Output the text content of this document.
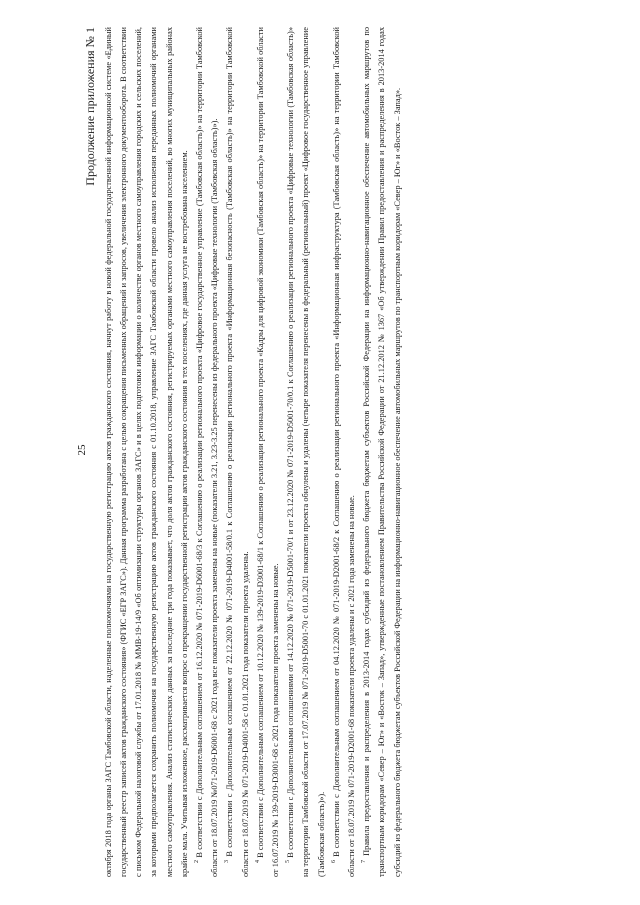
25
Продолжение приложения № 1 октября 2018 года органы ЗАГС Тамбовской области, наделенные полномочиями на государственную регистрацию актов гражданского состояния, начнут работу в новой федеральной государственной информационной системе «Единый государственный реестр записей актов гражданского состояния» (ФГИС «ЕГР ЗАГС»). Данная программа разработана с целью сокращения письменных обращений и запросов, увеличения электронного документооборота. В соответствии с письмом Федеральной налоговой службы от 17.01.2018 № ММВ-19-14/9 «Об оптимизации структуры органов ЗАГС» и в целях подготовки информации о количестве органов местного самоуправления городских и сельских поселений, за которыми предполагается сохранить полномочия на государственную регистрацию актов гражданского состояния с 01.10.2018, управление ЗАГС Тамбовской области провело анализ исполнения переданных полномочий органами местного самоуправления. Анализ статистических данных за последние три года показывает, что доля актов гражданского состояния, регистрируемых органами местного самоуправления поселений, во многих муниципальных районах крайне мала. Учитывая изложенное, рассматривается вопрос о прекращении государственной регистрации актов гражданского состояния в тех поселениях, где данная услуга не востребована населением. $^2$ В соответствии с Дополнительным соглашением от 16.12.2020 № 071-2019-D6001-68/3 к Соглашению о реализации регионального проекта «Цифровое государственное управление (Тамбовская область)» на территории Тамбовской области от 18.07.2019 №071-2019-D6001-68 с 2021 года все показатели проекта заменены на новые (показатели 3.21, 3.23-3.25 перенесены из федерального проекта «Цифровые технологии (Тамбовская область)»). $^3$ В соответствии с Дополнительным соглашением от 22.12.2020 № 071-2019-D4001-58/0.1 к Соглашению о реализации регионального проекта «Информационная безопасность (Тамбовская область)» на территории Тамбовской области от 18.07.2019 № 071-2019-D4001-58 с 01.01.2021 года показатели проекта удалены. $^4$ В соответствии с Дополнительным соглашением от 10.12.2020 № 139-2019-D3001-68/1 к Соглашению о реализации регионального проекта «Кадры для цифровой экономики (Тамбовская область)» на территории Тамбовской области от 16.07.2019 № 139-2019-D3001-68 с 2021 года показатели проекта заменены на новые. $^5$ В соответствии с Дополнительными соглашениями от 14.12.2020 № 071-2019-D5001-70/1 и от 23.12.2020 № 071-2019-D5001-70/0.1 к Соглашению о реализации регионального проекта «Цифровые технологии (Тамбовская область)» на территории Тамбовской области от 17.07.2019 № 071-2019-D5001-70 с 01.01.2021 показатели проекта обнулены и удалены (четыре показателя перенесены в федеральный (региональный) проект «Цифровое государственное управление (Тамбовская область)»). $^6$ В соответствии с Дополнительным соглашением от 04.12.2020 № 071-2019-D2001-68/2 к Соглашению о реализации регионального проекта «Информационная инфраструктура (Тамбовская область)» на территории Тамбовской области от 18.07.2019 № 071-2019-D2001-68 показатели проекта удалены и с 2021 года заменены на новые. $^7$ Правила предоставления и распределения в 2013-2014 годах субсидий из федерального бюджета бюджетам субъектов Российской Федерации на информационно-навигационное обеспечение автомобильных маршрутов по транспортным коридорам «Север – Юг» и «Восток – Запад», утвержденные постановлением Правительства Российской Федерации от 21.12.2012 № 1367 «Об утверждении Правил предоставления и распределения в 2013-2014 годах субсидий из федерального бюджета бюджетам субъектов Российской Федерации на информационно-навигационное обеспечение автомобильных маршрутов по транспортным коридорам «Север – Юг» и «Восток – Запад».
